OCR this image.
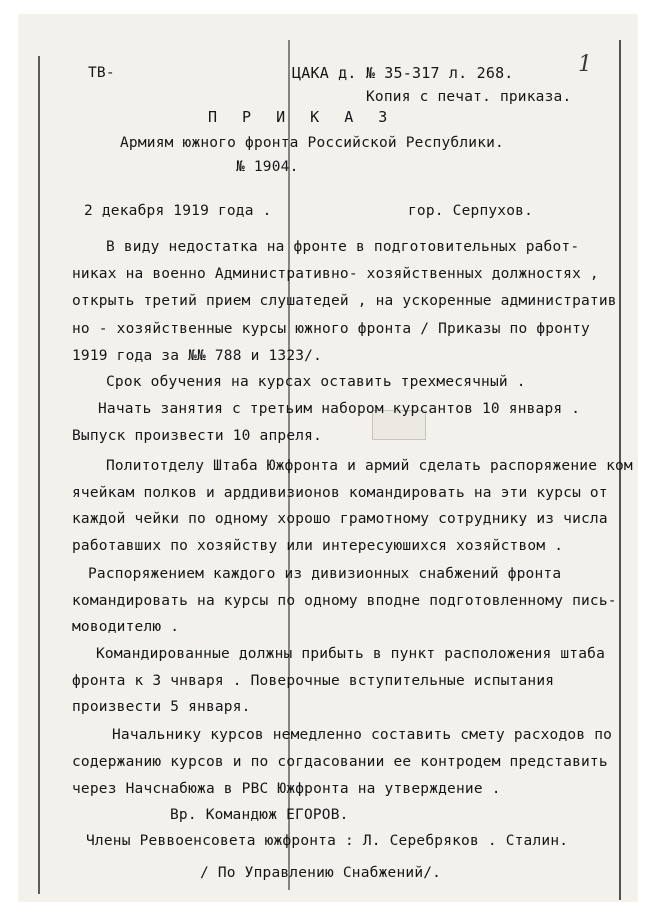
1
ТВ-	ЦАКА д. № 35-317 л. 268.
Копия с печат. приказа.
П Р И К А З
Армиям южного фронта Российской Республики.
№ 1904.
2 декабря 1919 года .	гор. Серпухов.
В виду недостатка на фронте в подготовительных работ-
никах на военно Административно- хозяйственных должностях ,
открыть третий прием слушатедей , на ускоренные административ
но - хозяйственные курсы южного фронта / Приказы по фронту
1919 года за №№ 788 и 1323/.
Срок обучения на курсах оставить трехмесячный .
Начать занятия с третьим набором курсантов 10 января .
Выпуск произвести 10 апреля.
Политотделу Штаба Южфронта и армий сделать распоряжение ком
ячейкам полков и арддивизионов командировать на эти курсы от
каждой чейки по одному хорошо грамотному сотруднику из числа
работавших по хозяйству или интересуюшихся хозяйством .
Распоряжением каждого из дивизионных снабжений фронта
командировать на курсы по одному вподне подготовленному пись-
моводителю .
Командированные должны прибыть в пункт расположения штаба
фронта к 3 чнваря . Поверочные вступительные испытания
произвести 5 января.
Начальнику курсов немедленно составить смету расходов по
содержанию курсов и по согдасовании ее контродем представить
через Начснабюжа в РВС Южфронта на утверждение .
Вр. Командюж ЕГОРОВ.
Члены Реввоенсовета южфронта : Л. Серебряков . Сталин.
/ По Управлению Снабжений/.
